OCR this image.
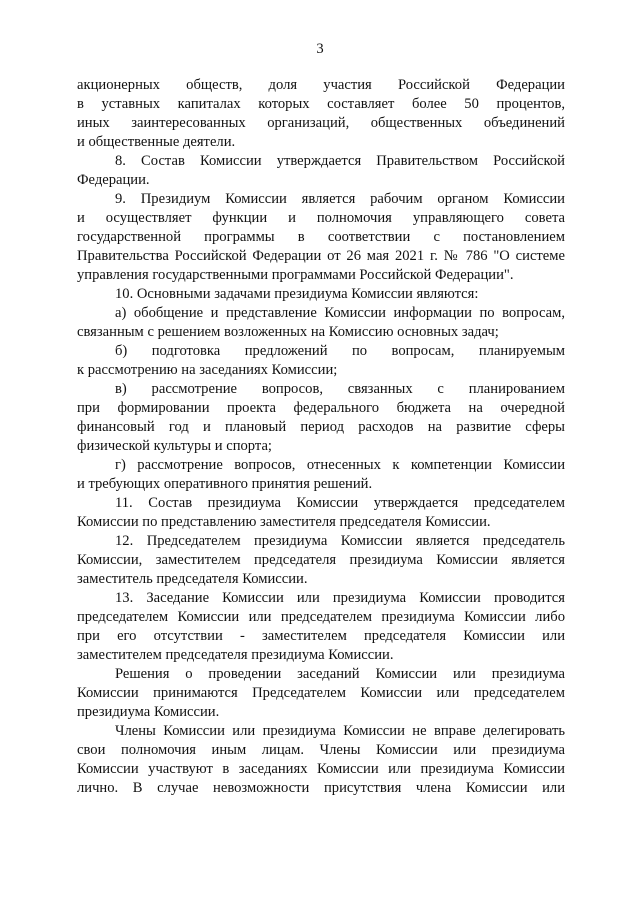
3
акционерных обществ, доля участия Российской Федерации
в уставных капиталах которых составляет более 50 процентов,
иных заинтересованных организаций, общественных объединений
и общественные деятели.
8. Состав Комиссии утверждается Правительством Российской
Федерации.
9. Президиум Комиссии является рабочим органом Комиссии
и осуществляет функции и полномочия управляющего совета
государственной программы в соответствии с постановлением
Правительства Российской Федерации от 26 мая 2021 г. № 786 "О системе
управления государственными программами Российской Федерации".
10. Основными задачами президиума Комиссии являются:
а) обобщение и представление Комиссии информации по вопросам,
связанным с решением возложенных на Комиссию основных задач;
б) подготовка предложений по вопросам, планируемым
к рассмотрению на заседаниях Комиссии;
в) рассмотрение вопросов, связанных с планированием
при формировании проекта федерального бюджета на очередной
финансовый год и плановый период расходов на развитие сферы
физической культуры и спорта;
г) рассмотрение вопросов, отнесенных к компетенции Комиссии
и требующих оперативного принятия решений.
11. Состав президиума Комиссии утверждается председателем
Комиссии по представлению заместителя председателя Комиссии.
12. Председателем президиума Комиссии является председатель
Комиссии, заместителем председателя президиума Комиссии является
заместитель председателя Комиссии.
13. Заседание Комиссии или президиума Комиссии проводится
председателем Комиссии или председателем президиума Комиссии либо
при его отсутствии - заместителем председателя Комиссии или
заместителем председателя президиума Комиссии.
Решения о проведении заседаний Комиссии или президиума
Комиссии принимаются Председателем Комиссии или председателем
президиума Комиссии.
Члены Комиссии или президиума Комиссии не вправе делегировать
свои полномочия иным лицам. Члены Комиссии или президиума
Комиссии участвуют в заседаниях Комиссии или президиума Комиссии
лично. В случае невозможности присутствия члена Комиссии или
